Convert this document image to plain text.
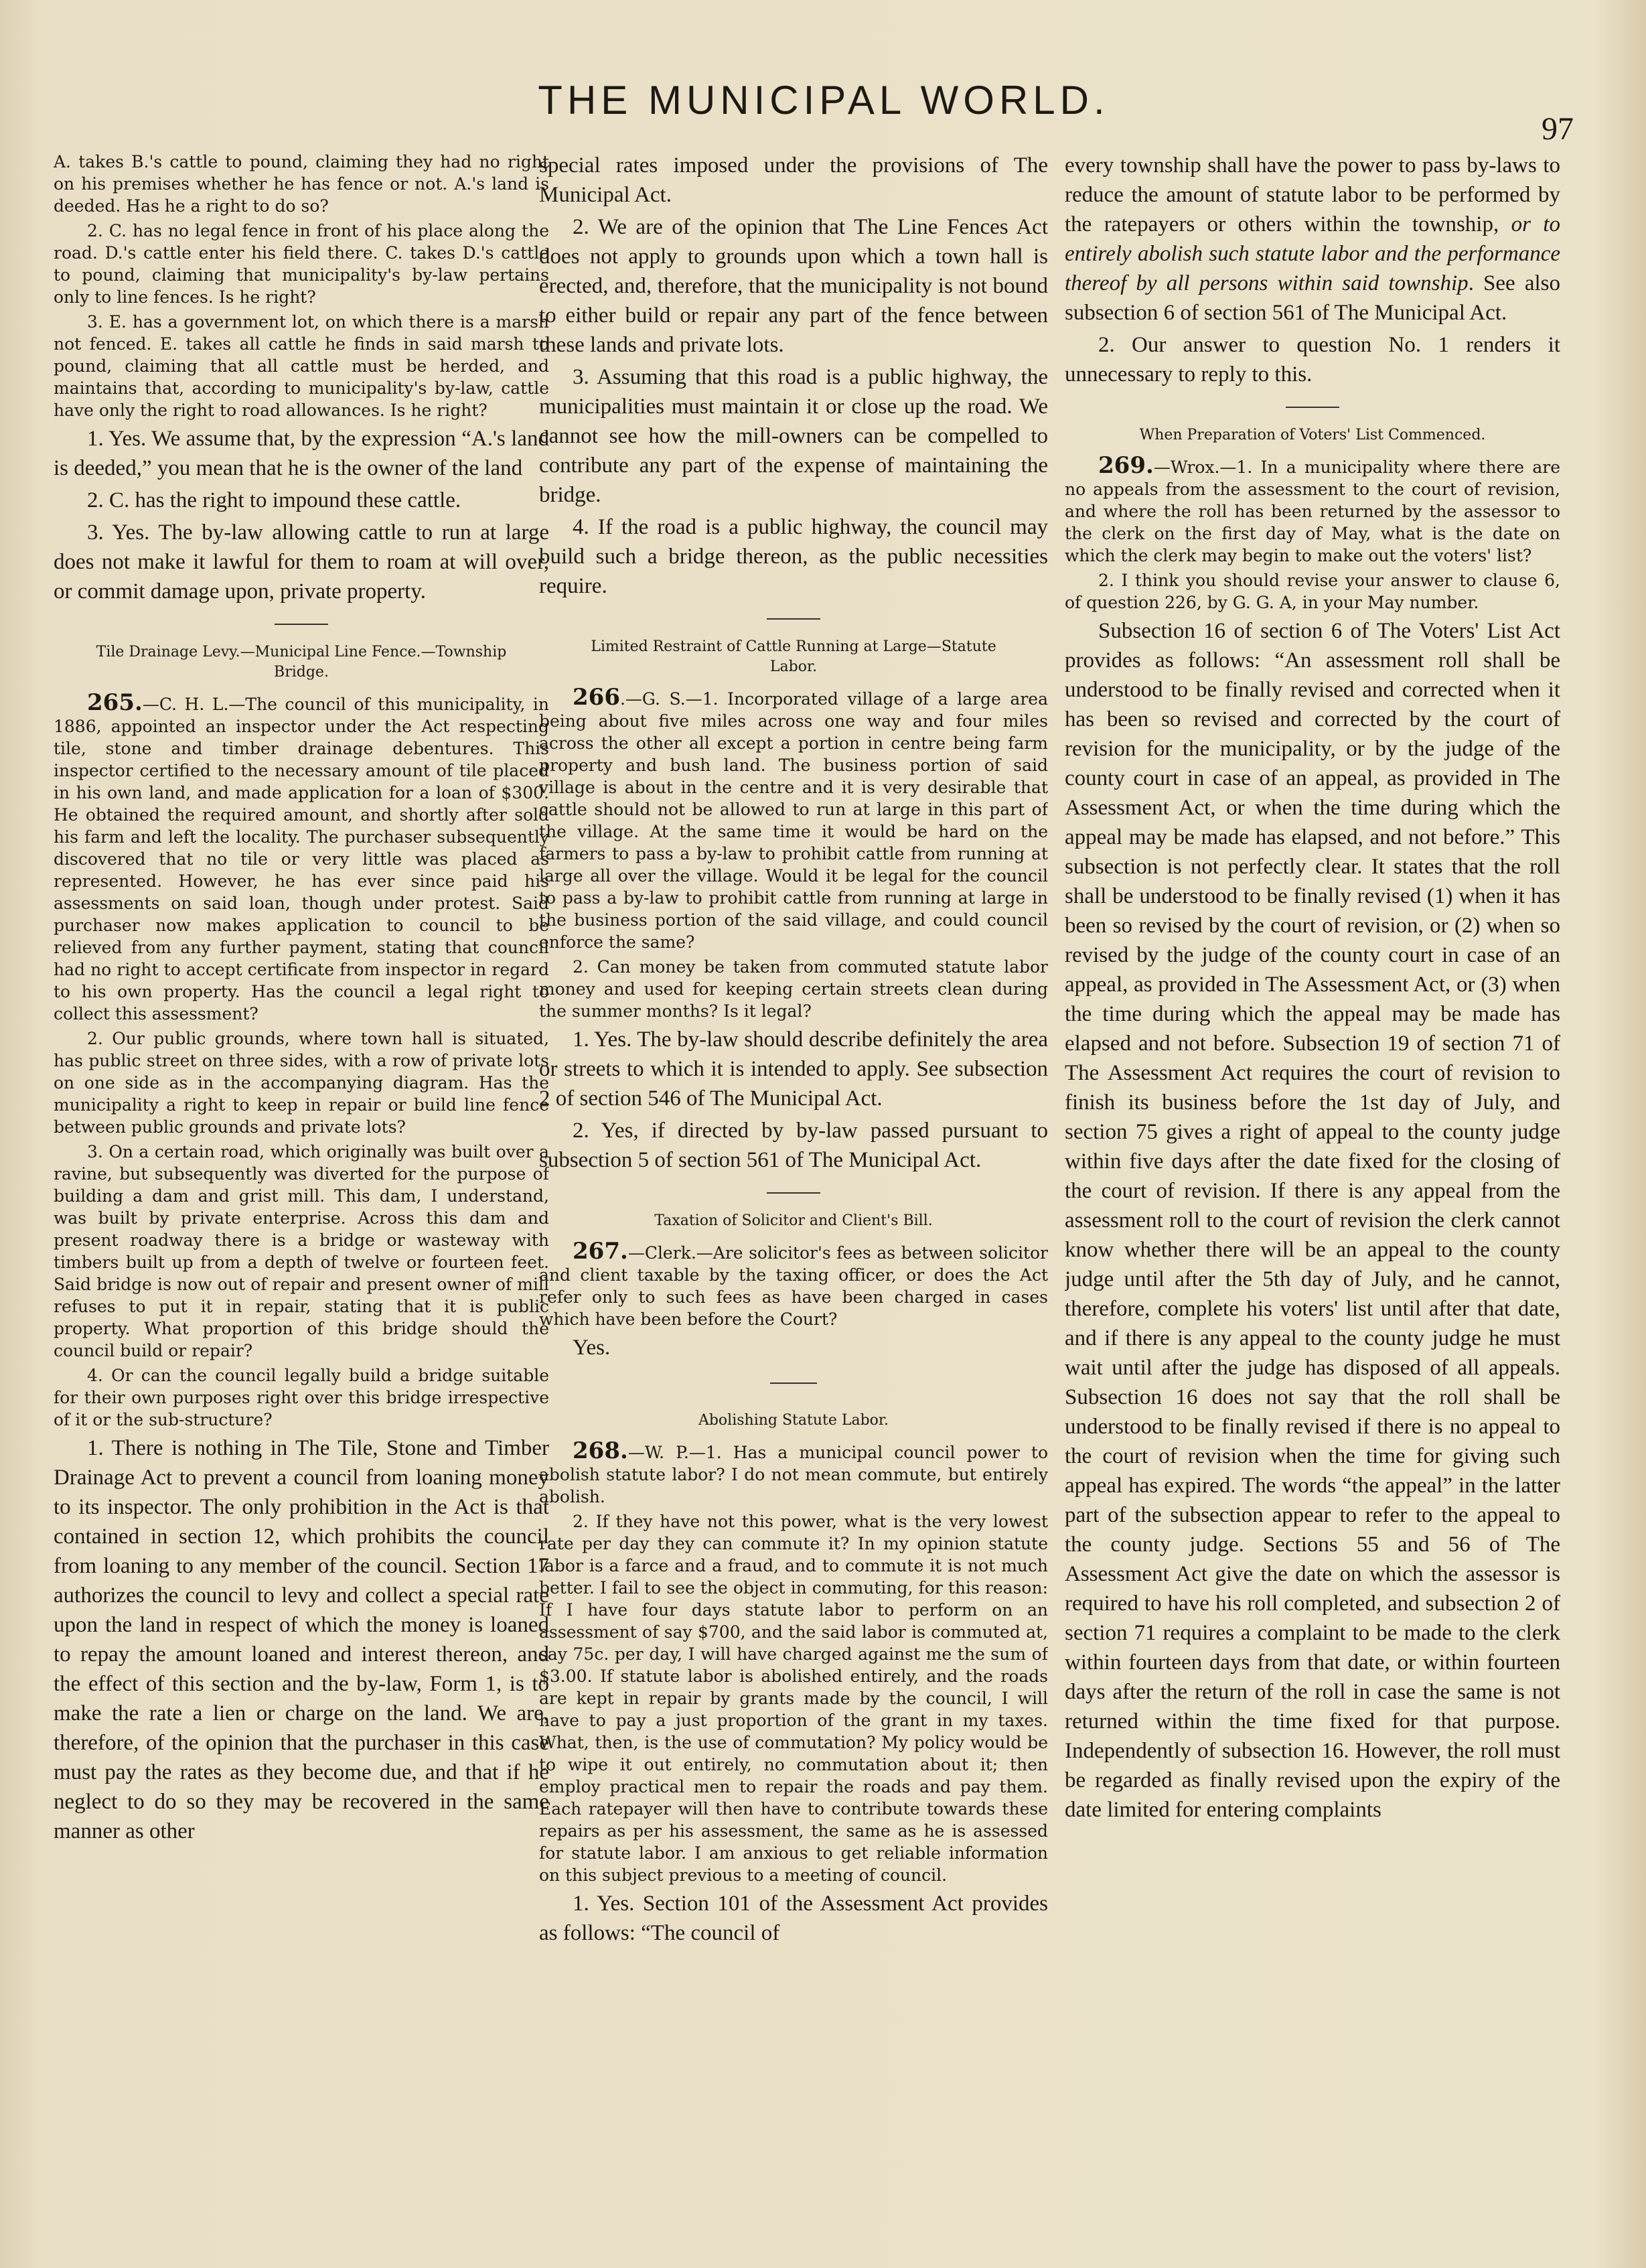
THE MUNICIPAL WORLD.
97

A. takes B.'s cattle to pound, claiming they had no right on his premises whether he has fence or not. A.'s land is deeded. Has he a right to do so?

2. C. has no legal fence in front of his place along the road. D.'s cattle enter his field there. C. takes D.'s cattle to pound, claiming that municipality's by-law pertains only to line fences. Is he right?

3. E. has a government lot, on which there is a marsh not fenced. E. takes all cattle he finds in said marsh to pound, claiming that all cattle must be herded, and maintains that, according to municipality's by-law, cattle have only the right to road allowances. Is he right?

1. Yes. We assume that, by the expression “A.'s land is deeded,” you mean that he is the owner of the land

2. C. has the right to impound these cattle.

3. Yes. The by-law allowing cattle to run at large does not make it lawful for them to roam at will over, or commit damage upon, private property.

Tile Drainage Levy.—Municipal Line Fence.—Township Bridge.

265.—C. H. L.—The council of this municipality, in 1886, appointed an inspector under the Act respecting tile, stone and timber drainage debentures. This inspector certified to the necessary amount of tile placed in his own land, and made application for a loan of $300. He obtained the required amount, and shortly after sold his farm and left the locality. The purchaser subsequently discovered that no tile or very little was placed as represented. However, he has ever since paid his assessments on said loan, though under protest. Said purchaser now makes application to council to be relieved from any further payment, stating that council had no right to accept certificate from inspector in regard to his own property. Has the council a legal right to collect this assessment?

2. Our public grounds, where town hall is situated, has public street on three sides, with a row of private lots on one side as in the accompanying diagram. Has the municipality a right to keep in repair or build line fence between public grounds and private lots?

3. On a certain road, which originally was built over a ravine, but subsequently was diverted for the purpose of building a dam and grist mill. This dam, I understand, was built by private enterprise. Across this dam and present roadway there is a bridge or wasteway with timbers built up from a depth of twelve or fourteen feet. Said bridge is now out of repair and present owner of mill refuses to put it in repair, stating that it is public property. What proportion of this bridge should the council build or repair?

4. Or can the council legally build a bridge suitable for their own purposes right over this bridge irrespective of it or the sub-structure?

1. There is nothing in The Tile, Stone and Timber Drainage Act to prevent a council from loaning money to its inspector. The only prohibition in the Act is that contained in section 12, which prohibits the council from loaning to any member of the council. Section 17 authorizes the council to levy and collect a special rate upon the land in respect of which the money is loaned to repay the amount loaned and interest thereon, and the effect of this section and the by-law, Form 1, is to make the rate a lien or charge on the land. We are, therefore, of the opinion that the purchaser in this case must pay the rates as they become due, and that if he neglect to do so they may be recovered in the same manner as other

special rates imposed under the provisions of The Municipal Act.

2. We are of the opinion that The Line Fences Act does not apply to grounds upon which a town hall is erected, and, therefore, that the municipality is not bound to either build or repair any part of the fence between these lands and private lots.

3. Assuming that this road is a public highway, the municipalities must maintain it or close up the road. We cannot see how the mill-owners can be compelled to contribute any part of the expense of maintaining the bridge.

4. If the road is a public highway, the council may build such a bridge thereon, as the public necessities require.

Limited Restraint of Cattle Running at Large—Statute Labor.

266.—G. S.—1. Incorporated village of a large area being about five miles across one way and four miles across the other all except a portion in centre being farm property and bush land. The business portion of said village is about in the centre and it is very desirable that cattle should not be allowed to run at large in this part of the village. At the same time it would be hard on the farmers to pass a by-law to prohibit cattle from running at large all over the village. Would it be legal for the council to pass a by-law to prohibit cattle from running at large in the business portion of the said village, and could council enforce the same?

2. Can money be taken from commuted statute labor money and used for keeping certain streets clean during the summer months? Is it legal?

1. Yes. The by-law should describe definitely the area or streets to which it is intended to apply. See subsection 2 of section 546 of The Municipal Act.

2. Yes, if directed by by-law passed pursuant to subsection 5 of section 561 of The Municipal Act.

Taxation of Solicitor and Client's Bill.

267.—Clerk.—Are solicitor's fees as between solicitor and client taxable by the taxing officer, or does the Act refer only to such fees as have been charged in cases which have been before the Court?

Yes.

Abolishing Statute Labor.

268.—W. P.—1. Has a municipal council power to abolish statute labor? I do not mean commute, but entirely abolish.

2. If they have not this power, what is the very lowest rate per day they can commute it? In my opinion statute labor is a farce and a fraud, and to commute it is not much better. I fail to see the object in commuting, for this reason: If I have four days statute labor to perform on an assessment of say $700, and the said labor is commuted at, say 75c. per day, I will have charged against me the sum of $3.00. If statute labor is abolished entirely, and the roads are kept in repair by grants made by the council, I will have to pay a just proportion of the grant in my taxes. What, then, is the use of commutation? My policy would be to wipe it out entirely, no commutation about it; then employ practical men to repair the roads and pay them. Each ratepayer will then have to contribute towards these repairs as per his assessment, the same as he is assessed for statute labor. I am anxious to get reliable information on this subject previous to a meeting of council.

1. Yes. Section 101 of the Assessment Act provides as follows: “The council of

every township shall have the power to pass by-laws to reduce the amount of statute labor to be performed by the ratepayers or others within the township, or to entirely abolish such statute labor and the performance thereof by all persons within said township. See also subsection 6 of section 561 of The Municipal Act.

2. Our answer to question No. 1 renders it unnecessary to reply to this.

When Preparation of Voters' List Commenced.

269.—Wrox.—1. In a municipality where there are no appeals from the assessment to the court of revision, and where the roll has been returned by the assessor to the clerk on the first day of May, what is the date on which the clerk may begin to make out the voters' list?

2. I think you should revise your answer to clause 6, of question 226, by G. G. A, in your May number.

Subsection 16 of section 6 of The Voters' List Act provides as follows: “An assessment roll shall be understood to be finally revised and corrected when it has been so revised and corrected by the court of revision for the municipality, or by the judge of the county court in case of an appeal, as provided in The Assessment Act, or when the time during which the appeal may be made has elapsed, and not before.” This subsection is not perfectly clear. It states that the roll shall be understood to be finally revised (1) when it has been so revised by the court of revision, or (2) when so revised by the judge of the county court in case of an appeal, as provided in The Assessment Act, or (3) when the time during which the appeal may be made has elapsed and not before. Subsection 19 of section 71 of The Assessment Act requires the court of revision to finish its business before the 1st day of July, and section 75 gives a right of appeal to the county judge within five days after the date fixed for the closing of the court of revision. If there is any appeal from the assessment roll to the court of revision the clerk cannot know whether there will be an appeal to the county judge until after the 5th day of July, and he cannot, therefore, complete his voters' list until after that date, and if there is any appeal to the county judge he must wait until after the judge has disposed of all appeals. Subsection 16 does not say that the roll shall be understood to be finally revised if there is no appeal to the court of revision when the time for giving such appeal has expired. The words “the appeal” in the latter part of the subsection appear to refer to the appeal to the county judge. Sections 55 and 56 of The Assessment Act give the date on which the assessor is required to have his roll completed, and subsection 2 of section 71 requires a complaint to be made to the clerk within fourteen days from that date, or within fourteen days after the return of the roll in case the same is not returned within the time fixed for that purpose. Independently of subsection 16. However, the roll must be regarded as finally revised upon the expiry of the date limited for entering complaints
